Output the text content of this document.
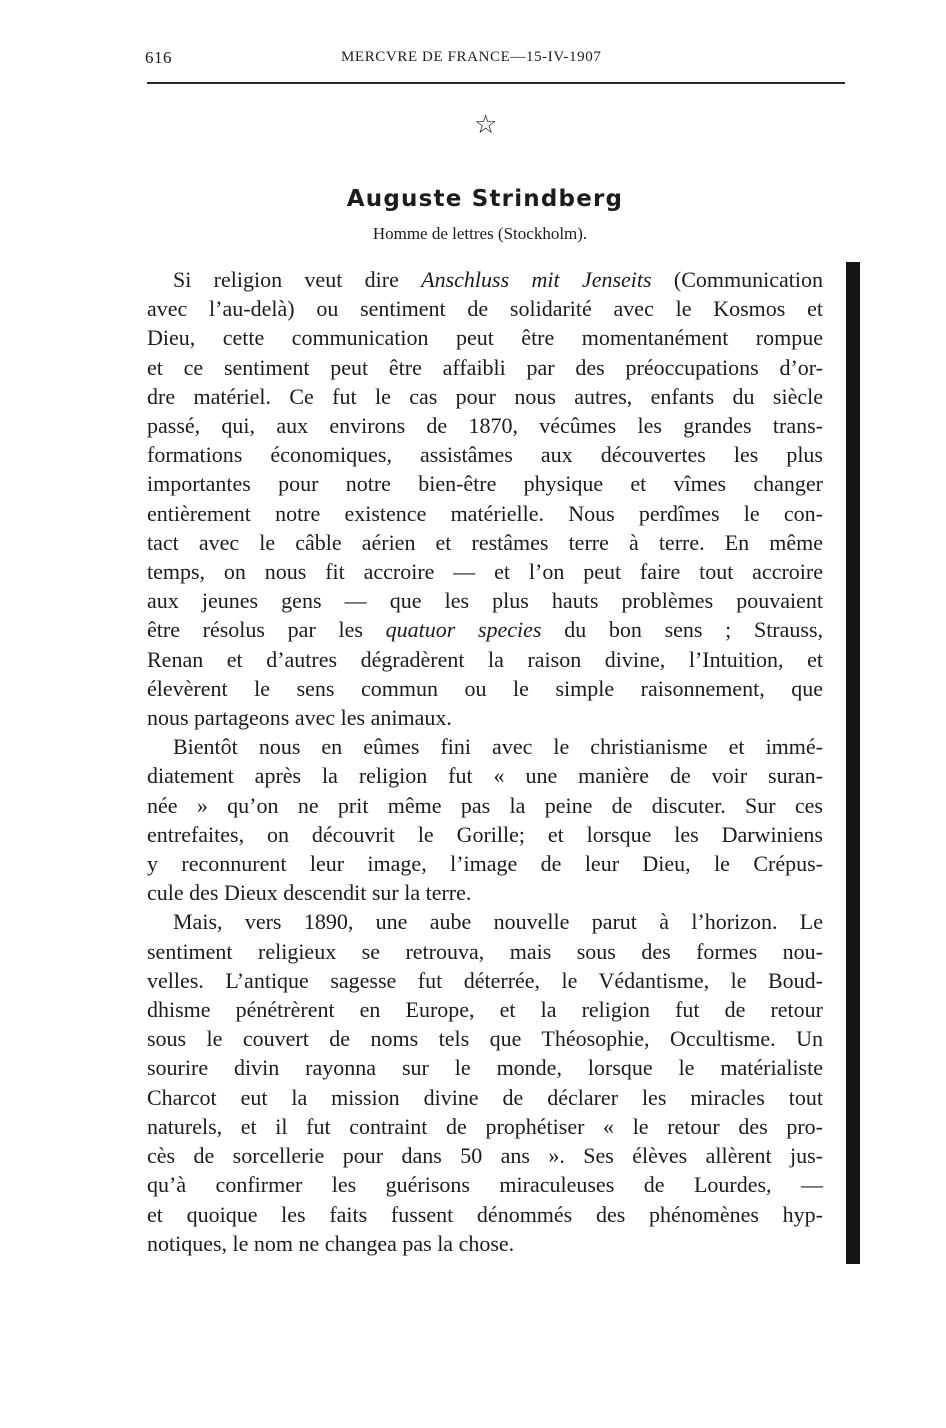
616	MERCVRE DE FRANCE—15-IV-1907
☆
Auguste Strindberg
Homme de lettres (Stockholm).
Si religion veut dire Anschluss mit Jenseits (Communication
avec l’au-delà) ou sentiment de solidarité avec le Kosmos et
Dieu, cette communication peut être momentanément rompue
et ce sentiment peut être affaibli par des préoccupations d’or-
dre matériel. Ce fut le cas pour nous autres, enfants du siècle
passé, qui, aux environs de 1870, vécûmes les grandes trans-
formations économiques, assistâmes aux découvertes les plus
importantes pour notre bien-être physique et vîmes changer
entièrement notre existence matérielle. Nous perdîmes le con-
tact avec le câble aérien et restâmes terre à terre. En même
temps, on nous fit accroire — et l’on peut faire tout accroire
aux jeunes gens — que les plus hauts problèmes pouvaient
être résolus par les quatuor species du bon sens ; Strauss,
Renan et d’autres dégradèrent la raison divine, l’Intuition, et
élevèrent le sens commun ou le simple raisonnement, que
nous partageons avec les animaux.
Bientôt nous en eûmes fini avec le christianisme et immé-
diatement après la religion fut « une manière de voir suran-
née » qu’on ne prit même pas la peine de discuter. Sur ces
entrefaites, on découvrit le Gorille; et lorsque les Darwiniens
y reconnurent leur image, l’image de leur Dieu, le Crépus-
cule des Dieux descendit sur la terre.
Mais, vers 1890, une aube nouvelle parut à l’horizon. Le
sentiment religieux se retrouva, mais sous des formes nou-
velles. L’antique sagesse fut déterrée, le Védantisme, le Boud-
dhisme pénétrèrent en Europe, et la religion fut de retour
sous le couvert de noms tels que Théosophie, Occultisme. Un
sourire divin rayonna sur le monde, lorsque le matérialiste
Charcot eut la mission divine de déclarer les miracles tout
naturels, et il fut contraint de prophétiser « le retour des pro-
cès de sorcellerie pour dans 50 ans ». Ses élèves allèrent jus-
qu’à confirmer les guérisons miraculeuses de Lourdes, —
et quoique les faits fussent dénommés des phénomènes hyp-
notiques, le nom ne changea pas la chose.
